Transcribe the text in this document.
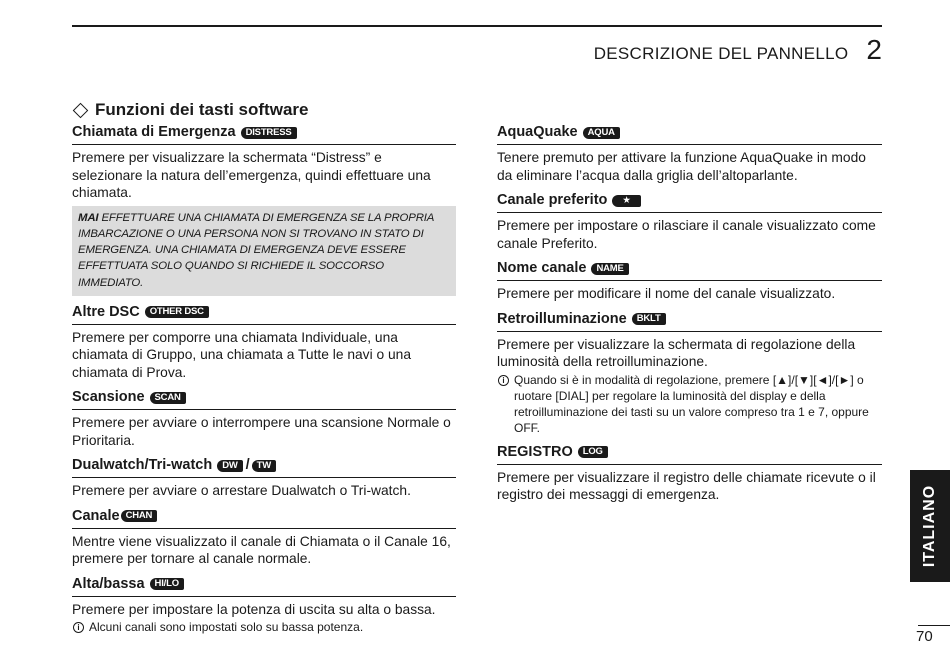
DESCRIZIONE DEL PANNELLO 2
Funzioni dei tasti software
Chiamata di Emergenza	DISTRESS

Premere per visualizzare la schermata “Distress” e selezionare la natura dell’emergenza, quindi effettuare una chiamata.

MAI EFFETTUARE UNA CHIAMATA DI EMERGENZA SE LA PROPRIA IMBARCAZIONE O UNA PERSONA NON SI TROVANO IN STATO DI EMERGENZA. UNA CHIAMATA DI EMERGENZA DEVE ESSERE EFFETTUATA SOLO QUANDO SI RICHIEDE IL SOCCORSO IMMEDIATO.
Altre DSC	OTHER DSC

Premere per comporre una chiamata Individuale, una chiamata di Gruppo, una chiamata a Tutte le navi o una chiamata di Prova.

Scansione	SCAN

Premere per avviare o interrompere una scansione Normale o Prioritaria.

Dualwatch/Tri-watch	DW / TW

Premere per avviare o arrestare Dualwatch o Tri-watch.

Canale CHAN

Mentre viene visualizzato il canale di Chiamata o il Canale 16, premere per tornare al canale normale.

Alta/bassa	HI/LO

Premere per impostare la potenza di uscita su alta o bassa.

i Alcuni canali sono impostati solo su bassa potenza.
AquaQuake	AQUA

Tenere premuto per attivare la funzione AquaQuake in modo da eliminare l’acqua dalla griglia dell’altoparlante.

Canale preferito	★

Premere per impostare o rilasciare il canale visualizzato come canale Preferito.

Nome canale	NAME

Premere per modificare il nome del canale visualizzato.

Retroilluminazione	BKLT

Premere per visualizzare la schermata di regolazione della luminosità della retroilluminazione.

i Quando si è in modalità di regolazione, premere [▲]/[▼][◄]/[►] o ruotare [DIAL] per regolare la luminosità del display e della retroilluminazione dei tasti su un valore compreso tra 1 e 7, oppure OFF.
REGISTRO	LOG

Premere per visualizzare il registro delle chiamate ricevute o il registro dei messaggi di emergenza.	ITALIANO
70
